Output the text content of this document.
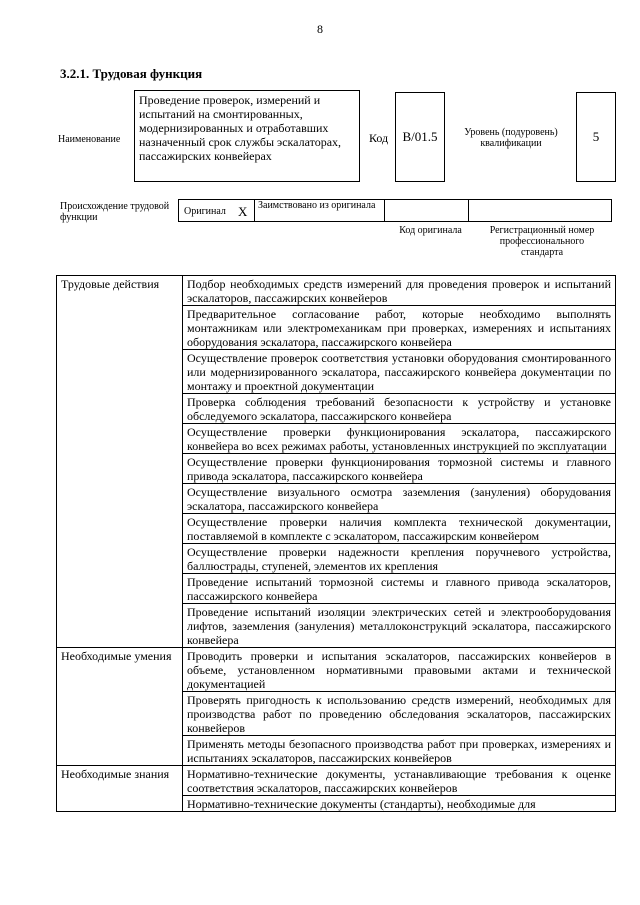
8
3.2.1. Трудовая функция
Наименование
Проведение проверок, измерений и испытаний на смонтированных, модернизированных и отработавших назначенный срок службы эскалаторах, пассажирских конвейерах
Код	B/01.5	Уровень (подуровень) квалификации	5
Происхождение трудовой функции
Оригинал X Заимствовано из оригинала
Код оригинала	Регистрационный номер профессионального стандарта
Трудовые действия	Подбор необходимых средств измерений для проведения проверок и испытаний эскалаторов, пассажирских конвейеров
	Предварительное согласование работ, которые необходимо выполнять монтажникам или электромеханикам при проверках, измерениях и испытаниях оборудования эскалатора, пассажирского конвейера
	Осуществление проверок соответствия установки оборудования смонтированного или модернизированного эскалатора, пассажирского конвейера документации по монтажу и проектной документации
	Проверка соблюдения требований безопасности к устройству и установке обследуемого эскалатора, пассажирского конвейера
	Осуществление проверки функционирования эскалатора, пассажирского конвейера во всех режимах работы, установленных инструкцией по эксплуатации
	Осуществление проверки функционирования тормозной системы и главного привода эскалатора, пассажирского конвейера
	Осуществление визуального осмотра заземления (зануления) оборудования эскалатора, пассажирского конвейера
	Осуществление проверки наличия комплекта технической документации, поставляемой в комплекте с эскалатором, пассажирским конвейером
	Осуществление проверки надежности крепления поручневого устройства, баллюстрады, ступеней, элементов их крепления
	Проведение испытаний тормозной системы и главного привода эскалаторов, пассажирского конвейера
	Проведение испытаний изоляции электрических сетей и электрооборудования лифтов, заземления (зануления) металлоконструкций эскалатора, пассажирского конвейера
Необходимые умения	Проводить проверки и испытания эскалаторов, пассажирских конвейеров в объеме, установленном нормативными правовыми актами и технической документацией
	Проверять пригодность к использованию средств измерений, необходимых для производства работ по проведению обследования эскалаторов, пассажирских конвейеров
	Применять методы безопасного производства работ при проверках, измерениях и испытаниях эскалаторов, пассажирских конвейеров
Необходимые знания	Нормативно-технические документы, устанавливающие требования к оценке соответствия эскалаторов, пассажирских конвейеров
	Нормативно-технические документы (стандарты), необходимые для
